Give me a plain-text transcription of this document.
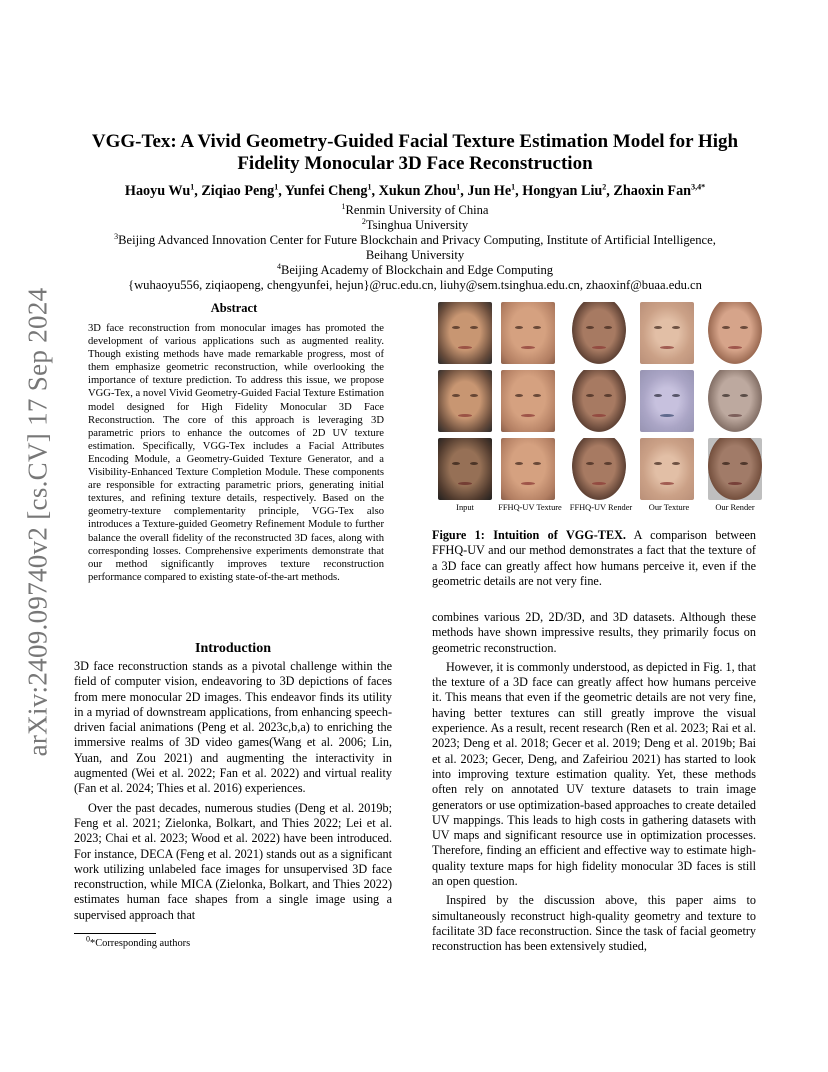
arXiv:2409.09740v2 [cs.CV] 17 Sep 2024
VGG-Tex: A Vivid Geometry-Guided Facial Texture Estimation Model for High
Fidelity Monocular 3D Face Reconstruction
Haoyu Wu$^1$, Ziqiao Peng$^1$, Yunfei Cheng$^1$, Xukun Zhou$^1$, Jun He$^1$, Hongyan Liu$^2$, Zhaoxin Fan$^{3,4*}$
$^1$Renmin University of China
$^2$Tsinghua University
$^3$Beijing Advanced Innovation Center for Future Blockchain and Privacy Computing, Institute of Artificial Intelligence,
Beihang University
$^4$Beijing Academy of Blockchain and Edge Computing
{wuhaoyu556, ziqiaopeng, chengyunfei, hejun}@ruc.edu.cn, liuhy@sem.tsinghua.edu.cn, zhaoxinf@buaa.edu.cn
Abstract
3D face reconstruction from monocular images has promoted the development of various applications such as augmented reality. Though existing methods have made remarkable progress, most of them emphasize geometric reconstruction, while overlooking the importance of texture prediction. To address this issue, we propose VGG-Tex, a novel Vivid Geometry-Guided Facial Texture Estimation model designed for High Fidelity Monocular 3D Face Reconstruction. The core of this approach is leveraging 3D parametric priors to enhance the outcomes of 2D UV texture estimation. Specifically, VGG-Tex includes a Facial Attributes Encoding Module, a Geometry-Guided Texture Generator, and a Visibility-Enhanced Texture Completion Module. These components are responsible for extracting parametric priors, generating initial textures, and refining texture details, respectively. Based on the geometry-texture complementarity principle, VGG-Tex also introduces a Texture-guided Geometry Refinement Module to further balance the overall fidelity of the reconstructed 3D faces, along with corresponding losses. Comprehensive experiments demonstrate that our method significantly improves texture reconstruction performance compared to existing state-of-the-art methods.
Introduction

3D face reconstruction stands as a pivotal challenge within the field of computer vision, endeavoring to 3D depictions of faces from mere monocular 2D images. This endeavor finds its utility in a myriad of downstream applications, from enhancing speech-driven facial animations (Peng et al. 2023c,b,a) to enriching the immersive realms of 3D video games(Wang et al. 2006; Lin, Yuan, and Zou 2021) and augmenting the interactivity in augmented (Wei et al. 2022; Fan et al. 2022) and virtual reality (Fan et al. 2024; Thies et al. 2016) experiences.

Over the past decades, numerous studies (Deng et al. 2019b; Feng et al. 2021; Zielonka, Bolkart, and Thies 2022; Lei et al. 2023; Chai et al. 2023; Wood et al. 2022) have been introduced. For instance, DECA (Feng et al. 2021) stands out as a significant work utilizing unlabeled face images for unsupervised 3D face reconstruction, while MICA (Zielonka, Bolkart, and Thies 2022) estimates human face shapes from a single image using a supervised approach that

$^0$*Corresponding authors
Input	FFHQ-UV Texture FFHQ-UV Render Our Texture	Our Render
Figure 1: Intuition of VGG-TEX. A comparison between FFHQ-UV and our method demonstrates a fact that the texture of a 3D face can greatly affect how humans perceive it, even if the geometric details are not very fine.

combines various 2D, 2D/3D, and 3D datasets. Although these methods have shown impressive results, they primarily focus on geometric reconstruction.

However, it is commonly understood, as depicted in Fig. 1, that the texture of a 3D face can greatly affect how humans perceive it. This means that even if the geometric details are not very fine, having better textures can still greatly improve the visual experience. As a result, recent research (Ren et al. 2023; Rai et al. 2023; Deng et al. 2018; Gecer et al. 2019; Deng et al. 2019b; Bai et al. 2023; Gecer, Deng, and Zafeiriou 2021) has started to look into improving texture estimation quality. Yet, these methods often rely on annotated UV texture datasets to train image generators or use optimization-based approaches to create detailed UV mappings. This leads to high costs in gathering datasets with UV maps and significant resource use in optimization processes. Therefore, finding an efficient and effective way to estimate high-quality texture maps for high fidelity monocular 3D faces is still an open question.

Inspired by the discussion above, this paper aims to simultaneously reconstruct high-quality geometry and texture to facilitate 3D face reconstruction. Since the task of facial geometry reconstruction has been extensively studied,
